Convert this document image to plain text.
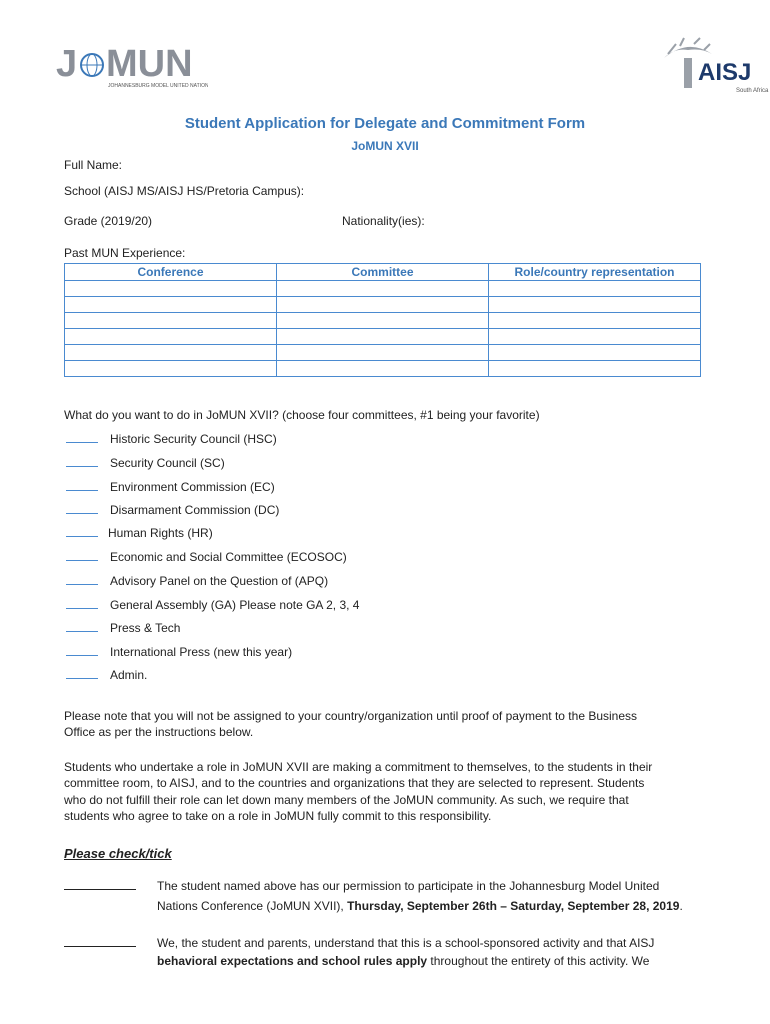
J MUN
JOHANNESBURG MODEL UNITED NATIONS	AISJ
South Africa
Student Application for Delegate and Commitment Form
JoMUN XVII
Full Name:
School (AISJ MS/AISJ HS/Pretoria Campus):
Grade (2019/20)	Nationality(ies):
Past MUN Experience:
Conference	Committee	Role/country representation

What do you want to do in JoMUN XVII? (choose four committees, #1 being your favorite)
Historic Security Council (HSC)
Security Council (SC)
Environment Commission (EC)
Disarmament Commission (DC)
Human Rights (HR)
Economic and Social Committee (ECOSOC)
Advisory Panel on the Question of (APQ)
General Assembly (GA) Please note GA 2, 3, 4
Press & Tech
International Press (new this year)
Admin.
Please note that you will not be assigned to your country/organization until proof of payment to the Business
Office as per the instructions below.
Students who undertake a role in JoMUN XVII are making a commitment to themselves, to the students in their
committee room, to AISJ, and to the countries and organizations that they are selected to represent. Students
who do not fulfill their role can let down many members of the JoMUN community. As such, we require that
students who agree to take on a role in JoMUN fully commit to this responsibility.
Please check/tick
The student named above has our permission to participate in the Johannesburg Model United
Nations Conference (JoMUN XVII), Thursday, September 26th – Saturday, September 28, 2019.
We, the student and parents, understand that this is a school-sponsored activity and that AISJ
behavioral expectations and school rules apply throughout the entirety of this activity. We
